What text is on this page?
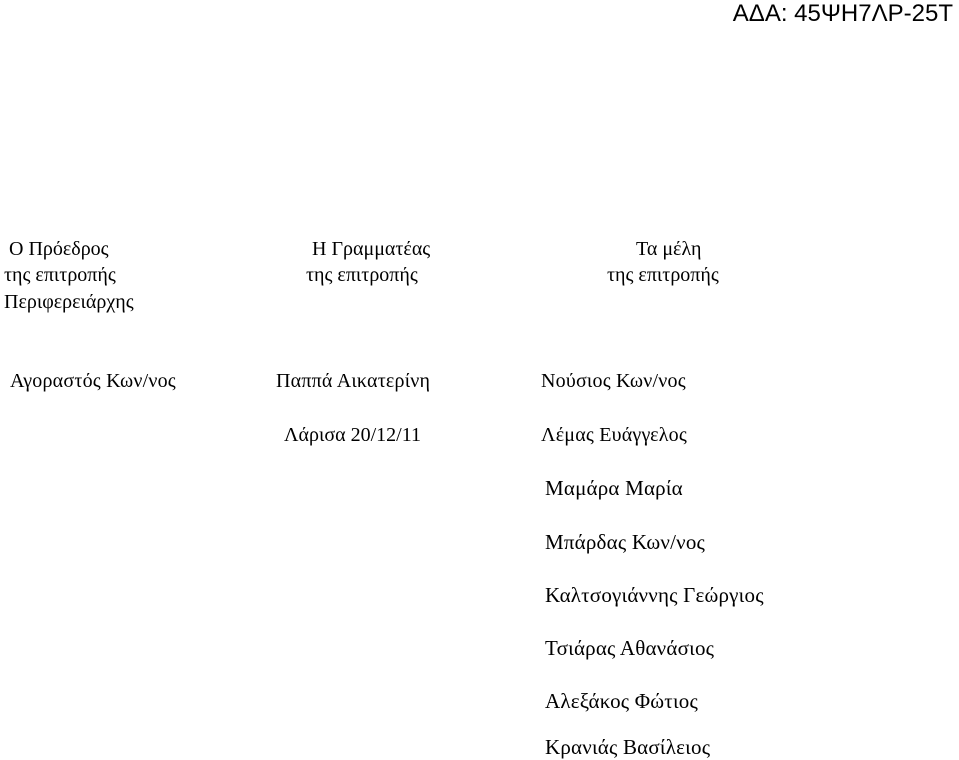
ΑΔΑ: 45ΨΗ7ΛΡ-25Τ
Ο Πρόεδρος
της επιτροπής
Περιφερειάρχης
Αγοραστός Κων/νος
Η Γραμματέας
της επιτροπής
Παππά Αικατερίνη
Λάρισα 20/12/11
Τα μέλη
της επιτροπής
Νούσιος Κων/νος
Λέμας Ευάγγελος
Μαμάρα Μαρία
Μπάρδας Κων/νος
Καλτσογιάννης Γεώργιος
Τσιάρας Αθανάσιος
Αλεξάκος Φώτιος
Κρανιάς Βασίλειος
